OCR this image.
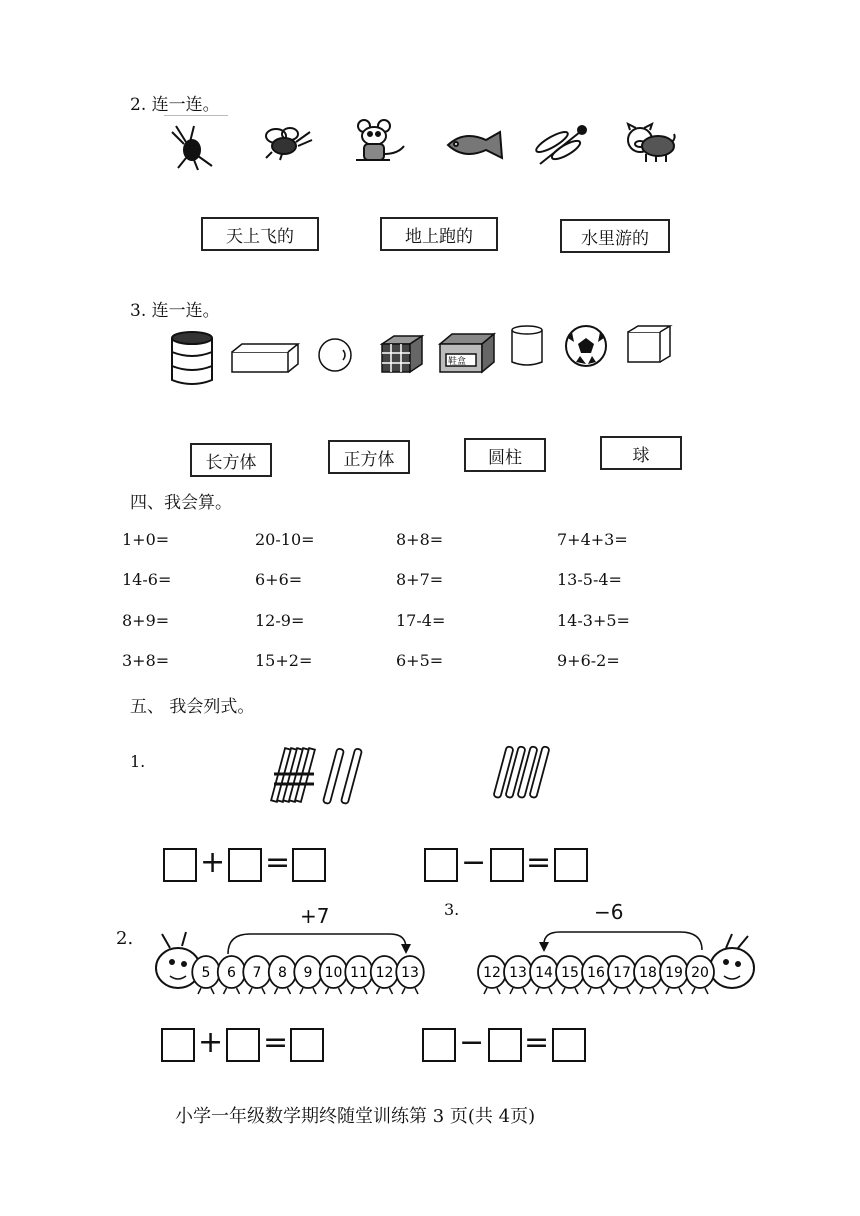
2. 连一连。
天上飞的	地上跑的	水里游的
3. 连一连。
鞋盒
长方体	正方体	圆柱	球
四、我会算。
1+0=	20-10=	8+8=	7+4+3=
14-6=	6+6=	8+7=	13-5-4=
8+9=	12-9=	17-4=	14-3+5=
3+8=	15+2=	6+5=	9+6-2=
五、 我会列式。
1.
+ =	− =
2.
3.
+7	−6
5 6 7 8 9 10 11 12 13	12 13 14 15 16 17 18 19 20
+ =	− =
小学一年级数学期终随堂训练第 3 页(共 4页)
